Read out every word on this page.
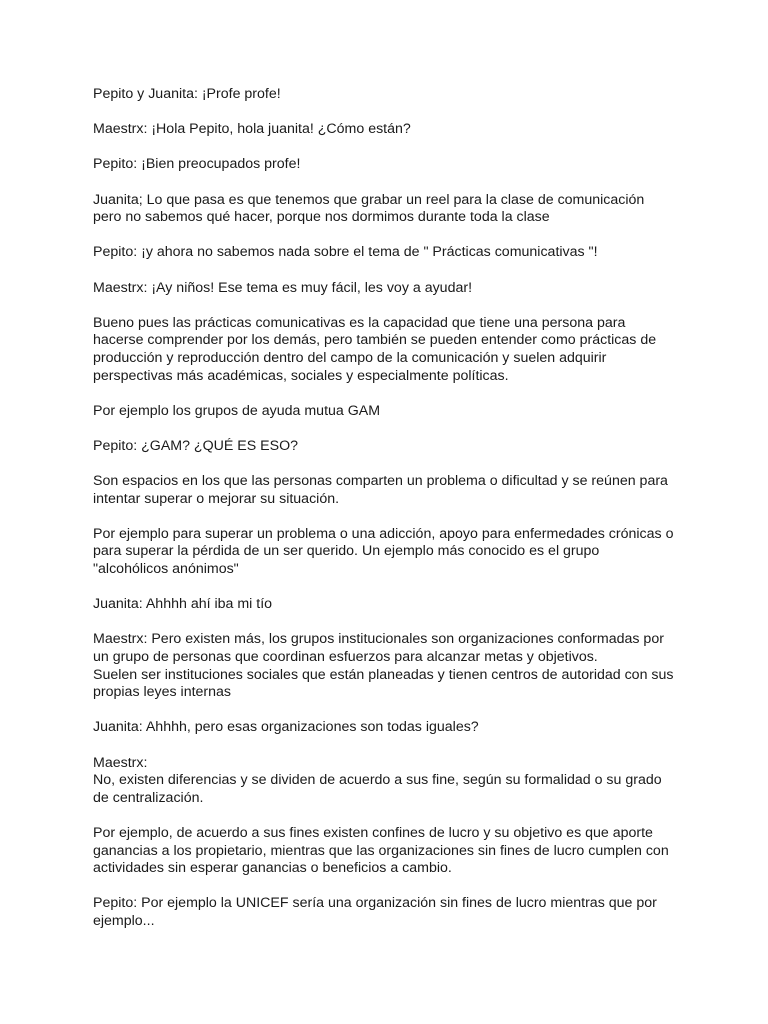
Pepito y Juanita: ¡Profe profe!

Maestrx: ¡Hola Pepito, hola juanita! ¿Cómo están?

Pepito: ¡Bien preocupados profe!

Juanita; Lo que pasa es que tenemos que grabar un reel para la clase de comunicación
pero no sabemos qué hacer, porque nos dormimos durante toda la clase

Pepito: ¡y ahora no sabemos nada sobre el tema de " Prácticas comunicativas "!

Maestrx: ¡Ay niños! Ese tema es muy fácil, les voy a ayudar!

Bueno pues las prácticas comunicativas es la capacidad que tiene una persona para
hacerse comprender por los demás, pero también se pueden entender como prácticas de
producción y reproducción dentro del campo de la comunicación y suelen adquirir
perspectivas más académicas, sociales y especialmente políticas.

Por ejemplo los grupos de ayuda mutua GAM

Pepito: ¿GAM? ¿QUÉ ES ESO?

Son espacios en los que las personas comparten un problema o dificultad y se reúnen para
intentar superar o mejorar su situación.

Por ejemplo para superar un problema o una adicción, apoyo para enfermedades crónicas o
para superar la pérdida de un ser querido. Un ejemplo más conocido es el grupo
"alcohólicos anónimos"

Juanita: Ahhhh ahí iba mi tío

Maestrx: Pero existen más, los grupos institucionales son organizaciones conformadas por
un grupo de personas que coordinan esfuerzos para alcanzar metas y objetivos.
Suelen ser instituciones sociales que están planeadas y tienen centros de autoridad con sus
propias leyes internas

Juanita: Ahhhh, pero esas organizaciones son todas iguales?

Maestrx:
No, existen diferencias y se dividen de acuerdo a sus fine, según su formalidad o su grado
de centralización.

Por ejemplo, de acuerdo a sus fines existen confines de lucro y su objetivo es que aporte
ganancias a los propietario, mientras que las organizaciones sin fines de lucro cumplen con
actividades sin esperar ganancias o beneficios a cambio.

Pepito: Por ejemplo la UNICEF sería una organización sin fines de lucro mientras que por
ejemplo...
